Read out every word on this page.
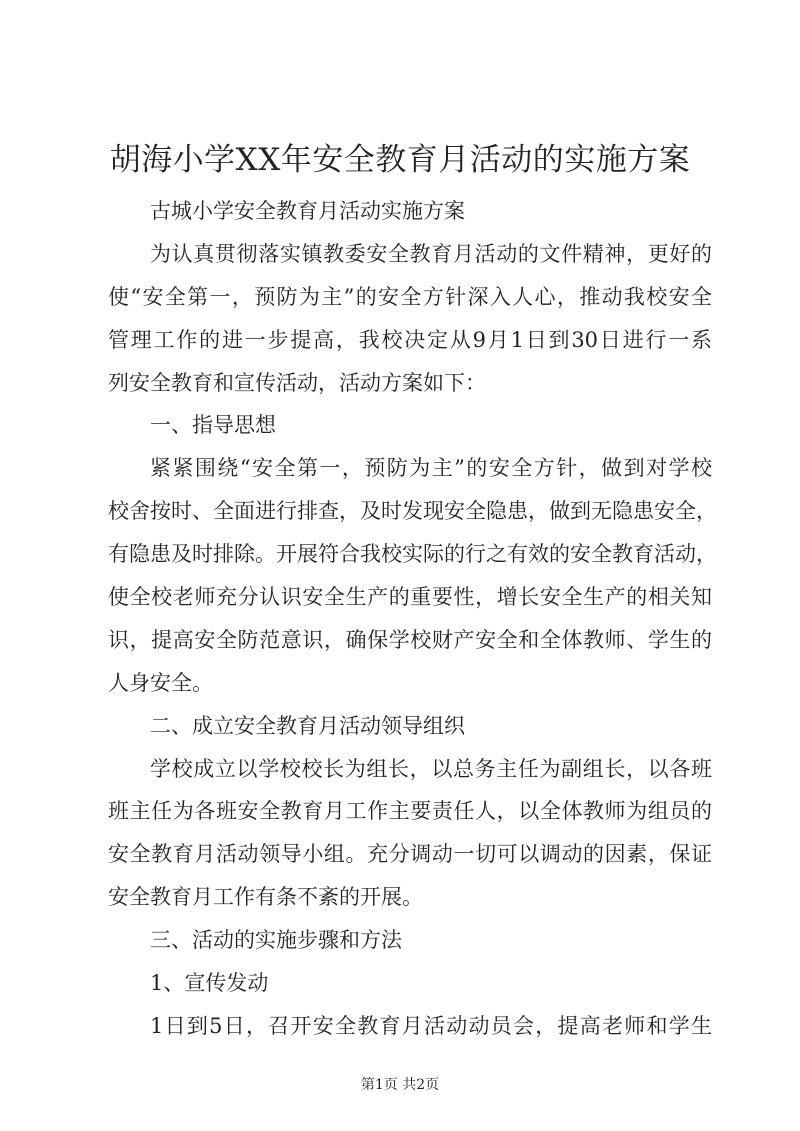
胡海小学XX年安全教育月活动的实施方案
古城小学安全教育月活动实施方案
为认真贯彻落实镇教委安全教育月活动的文件精神，更好的
使“安全第一，预防为主”的安全方针深入人心，推动我校安全
管理工作的进一步提高，我校决定从9月1日到30日进行一系
列安全教育和宣传活动，活动方案如下：
一、指导思想
紧紧围绕“安全第一，预防为主”的安全方针，做到对学校
校舍按时、全面进行排查，及时发现安全隐患，做到无隐患安全，
有隐患及时排除。开展符合我校实际的行之有效的安全教育活动，
使全校老师充分认识安全生产的重要性，增长安全生产的相关知
识，提高安全防范意识，确保学校财产安全和全体教师、学生的
人身安全。
二、成立安全教育月活动领导组织
学校成立以学校校长为组长，以总务主任为副组长，以各班
班主任为各班安全教育月工作主要责任人，以全体教师为组员的
安全教育月活动领导小组。充分调动一切可以调动的因素，保证
安全教育月工作有条不紊的开展。
三、活动的实施步骤和方法
1、宣传发动
1日到5日，召开安全教育月活动动员会，提高老师和学生
第1页 共2页
